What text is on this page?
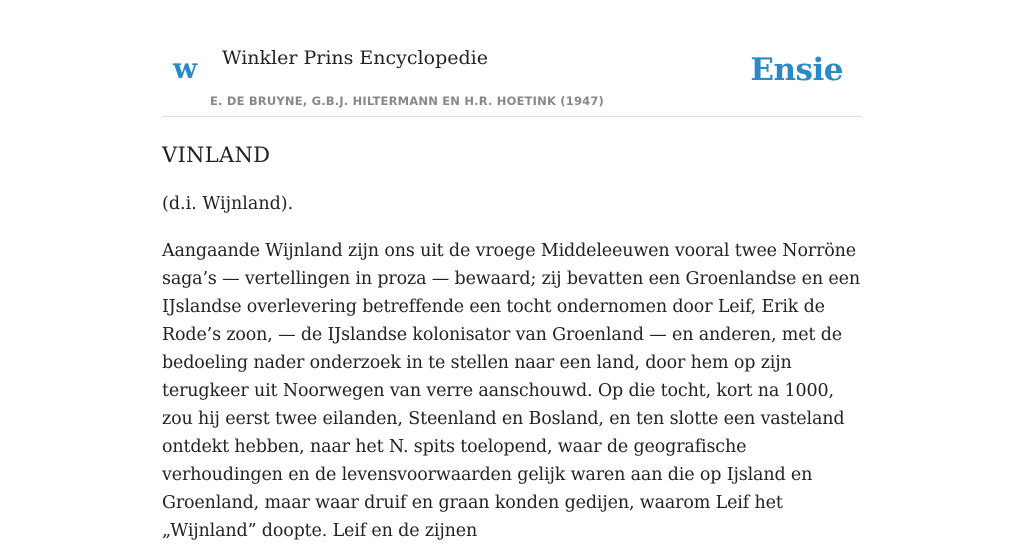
w Winkler Prins Encyclopedie
E. DE BRUYNE, G.B.J. HILTERMANN EN H.R. HOETINK (1947)
Ensie
VINLAND

(d.i. Wijnland).

Aangaande Wijnland zijn ons uit de vroege Middeleeuwen vooral twee Norröne saga’s — vertellingen in proza — bewaard; zij bevatten een Groenlandse en een IJslandse overlevering betreffende een tocht ondernomen door Leif, Erik de Rode’s zoon, — de IJslandse kolonisator van Groenland — en anderen, met de bedoeling nader onderzoek in te stellen naar een land, door hem op zijn terugkeer uit Noorwegen van verre aanschouwd. Op die tocht, kort na 1000, zou hij eerst twee eilanden, Steenland en Bosland, en ten slotte een vasteland ontdekt hebben, naar het N. spits toelopend, waar de geografische verhoudingen en de levensvoorwaarden gelijk waren aan die op Ijsland en Groenland, maar waar druif en graan konden gedijen, waarom Leif het „Wijnland” doopte. Leif en de zijnen
